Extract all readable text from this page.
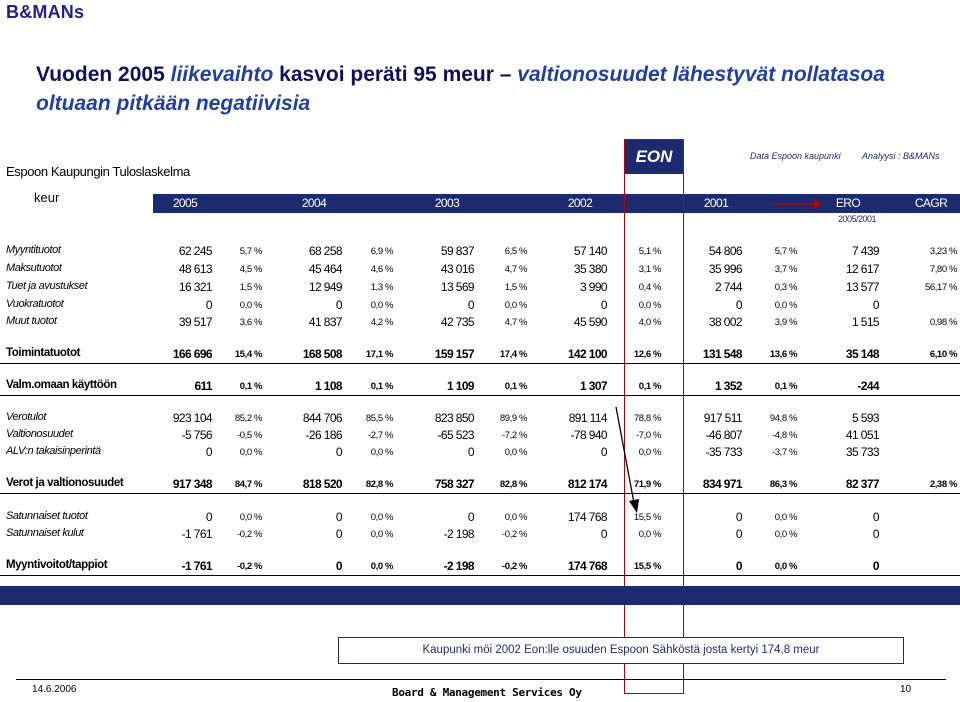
B&MANs
Vuoden 2005 liikevaihto kasvoi peräti 95 meur – valtionosuudet lähestyvät nollatasoa oltuaan pitkään negatiivisia
Espoon Kaupungin Tuloslaskelma
keur
Data Espoon kaupunki Analyysi : B&MANs
2005	2004	2003	2002	2001	ERO	CAGR
2005/2001
EON
Myyntituotot	62 245	5,7 %	68 258	6,9 %	59 837	6,5 %	57 140	5,1 %	54 806	5,7 %	7 439	3,23 %
Maksutuotot	48 613	4,5 %	45 464	4,6 %	43 016	4,7 %	35 380	3,1 %	35 996	3,7 %	12 617	7,80 %
Tuet ja avustukset	16 321	1,5 %	12 949	1,3 %	13 569	1,5 %	3 990	0,4 %	2 744	0,3 %	13 577	56,17 %
Vuokratuotot	0	0,0 %	0	0,0 %	0	0,0 %	0	0,0 %	0	0,0 %	0
Muut tuotot	39 517	3,6 %	41 837	4,2 %	42 735	4,7 %	45 590	4,0 %	38 002	3,9 %	1 515	0,98 %
Toimintatuotot	166 696	15,4 %	168 508	17,1 %	159 157	17,4 %	142 100	12,6 %	131 548	13,6 %	35 148	6,10 %
Valm.omaan käyttöön	611	0,1 %	1 108	0,1 %	1 109	0,1 %	1 307	0,1 %	1 352	0,1 %	-244
Verotulot	923 104	85,2 %	844 706	85,5 %	823 850	89,9 %	891 114	78,8 %	917 511	94,8 %	5 593
Valtionosuudet	-5 756	-0,5 %	-26 186	-2,7 %	-65 523	-7,2 %	-78 940	-7,0 %	-46 807	-4,8 %	41 051
ALV:n takaisinperintä	0	0,0 %	0	0,0 %	0	0,0 %	0	0,0 %	-35 733	-3,7 %	35 733
Verot ja valtionosuudet	917 348	84,7 %	818 520	82,8 %	758 327	82,8 %	812 174	71,9 %	834 971	86,3 %	82 377	2,38 %
Satunnaiset tuotot	0	0,0 %	0	0,0 %	0	0,0 %	174 768	15,5 %	0	0,0 %	0
Satunnaiset kulut	-1 761	-0,2 %	0	0,0 %	-2 198	-0,2 %	0	0,0 %	0	0,0 %	0
Myyntivoitot/tappiot	-1 761	-0,2 %	0	0,0 %	-2 198	-0,2 %	174 768	15,5 %	0	0,0 %	0
Kaupunki möi 2002 Eon:lle osuuden Espoon Sähköstä josta kertyi 174,8 meur
14.6.2006	Board & Management Services Oy	10
